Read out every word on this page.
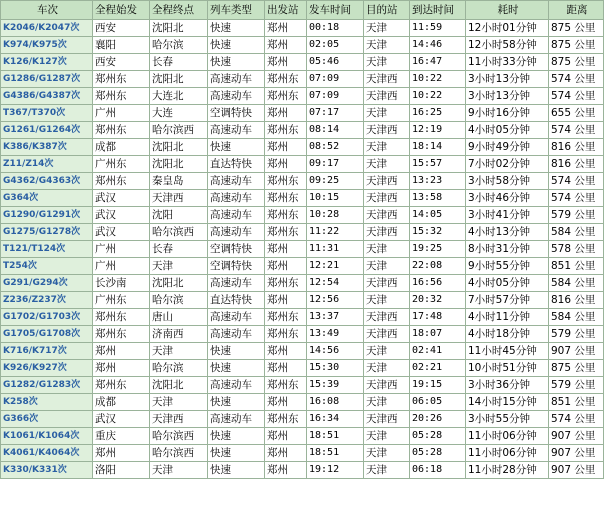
车次	全程始发	全程终点	列车类型	出发站	发车时间	目的站	到达时间	耗时	距离
K2046/K2047次	西安	沈阳北	快速	郑州	00:18	天津	11:59	12小时01分钟	875 公里
K974/K975次	襄阳	哈尔滨	快速	郑州	02:05	天津	14:46	12小时58分钟	875 公里
K126/K127次	西安	长春	快速	郑州	05:46	天津	16:47	11小时33分钟	875 公里
G1286/G1287次	郑州东	沈阳北	高速动车	郑州东	07:09	天津西	10:22	3小时13分钟	574 公里
G4386/G4387次	郑州东	大连北	高速动车	郑州东	07:09	天津西	10:22	3小时13分钟	574 公里
T367/T370次	广州	大连	空调特快	郑州	07:17	天津	16:25	9小时16分钟	655 公里
G1261/G1264次	郑州东	哈尔滨西	高速动车	郑州东	08:14	天津西	12:19	4小时05分钟	574 公里
K386/K387次	成都	沈阳北	快速	郑州	08:52	天津	18:14	9小时49分钟	816 公里
Z11/Z14次	广州东	沈阳北	直达特快	郑州	09:17	天津	15:57	7小时02分钟	816 公里
G4362/G4363次	郑州东	秦皇岛	高速动车	郑州东	09:25	天津西	13:23	3小时58分钟	574 公里
G364次	武汉	天津西	高速动车	郑州东	10:15	天津西	13:58	3小时46分钟	574 公里
G1290/G1291次	武汉	沈阳	高速动车	郑州东	10:28	天津西	14:05	3小时41分钟	579 公里
G1275/G1278次	武汉	哈尔滨西	高速动车	郑州东	11:22	天津西	15:32	4小时13分钟	584 公里
T121/T124次	广州	长春	空调特快	郑州	11:31	天津	19:25	8小时31分钟	578 公里
T254次	广州	天津	空调特快	郑州	12:21	天津	22:08	9小时55分钟	851 公里
G291/G294次	长沙南	沈阳北	高速动车	郑州东	12:54	天津西	16:56	4小时05分钟	584 公里
Z236/Z237次	广州东	哈尔滨	直达特快	郑州	12:56	天津	20:32	7小时57分钟	816 公里
G1702/G1703次	郑州东	唐山	高速动车	郑州东	13:37	天津西	17:48	4小时11分钟	584 公里
G1705/G1708次	郑州东	济南西	高速动车	郑州东	13:49	天津西	18:07	4小时18分钟	579 公里
K716/K717次	郑州	天津	快速	郑州	14:56	天津	02:41	11小时45分钟	907 公里
K926/K927次	郑州	哈尔滨	快速	郑州	15:30	天津	02:21	10小时51分钟	875 公里
G1282/G1283次	郑州东	沈阳北	高速动车	郑州东	15:39	天津西	19:15	3小时36分钟	579 公里
K258次	成都	天津	快速	郑州	16:08	天津	06:05	14小时15分钟	851 公里
G366次	武汉	天津西	高速动车	郑州东	16:34	天津西	20:26	3小时55分钟	574 公里
K1061/K1064次	重庆	哈尔滨西	快速	郑州	18:51	天津	05:28	11小时06分钟	907 公里
K4061/K4064次	郑州	哈尔滨西	快速	郑州	18:51	天津	05:28	11小时06分钟	907 公里
K330/K331次	洛阳	天津	快速	郑州	19:12	天津	06:18	11小时28分钟	907 公里
